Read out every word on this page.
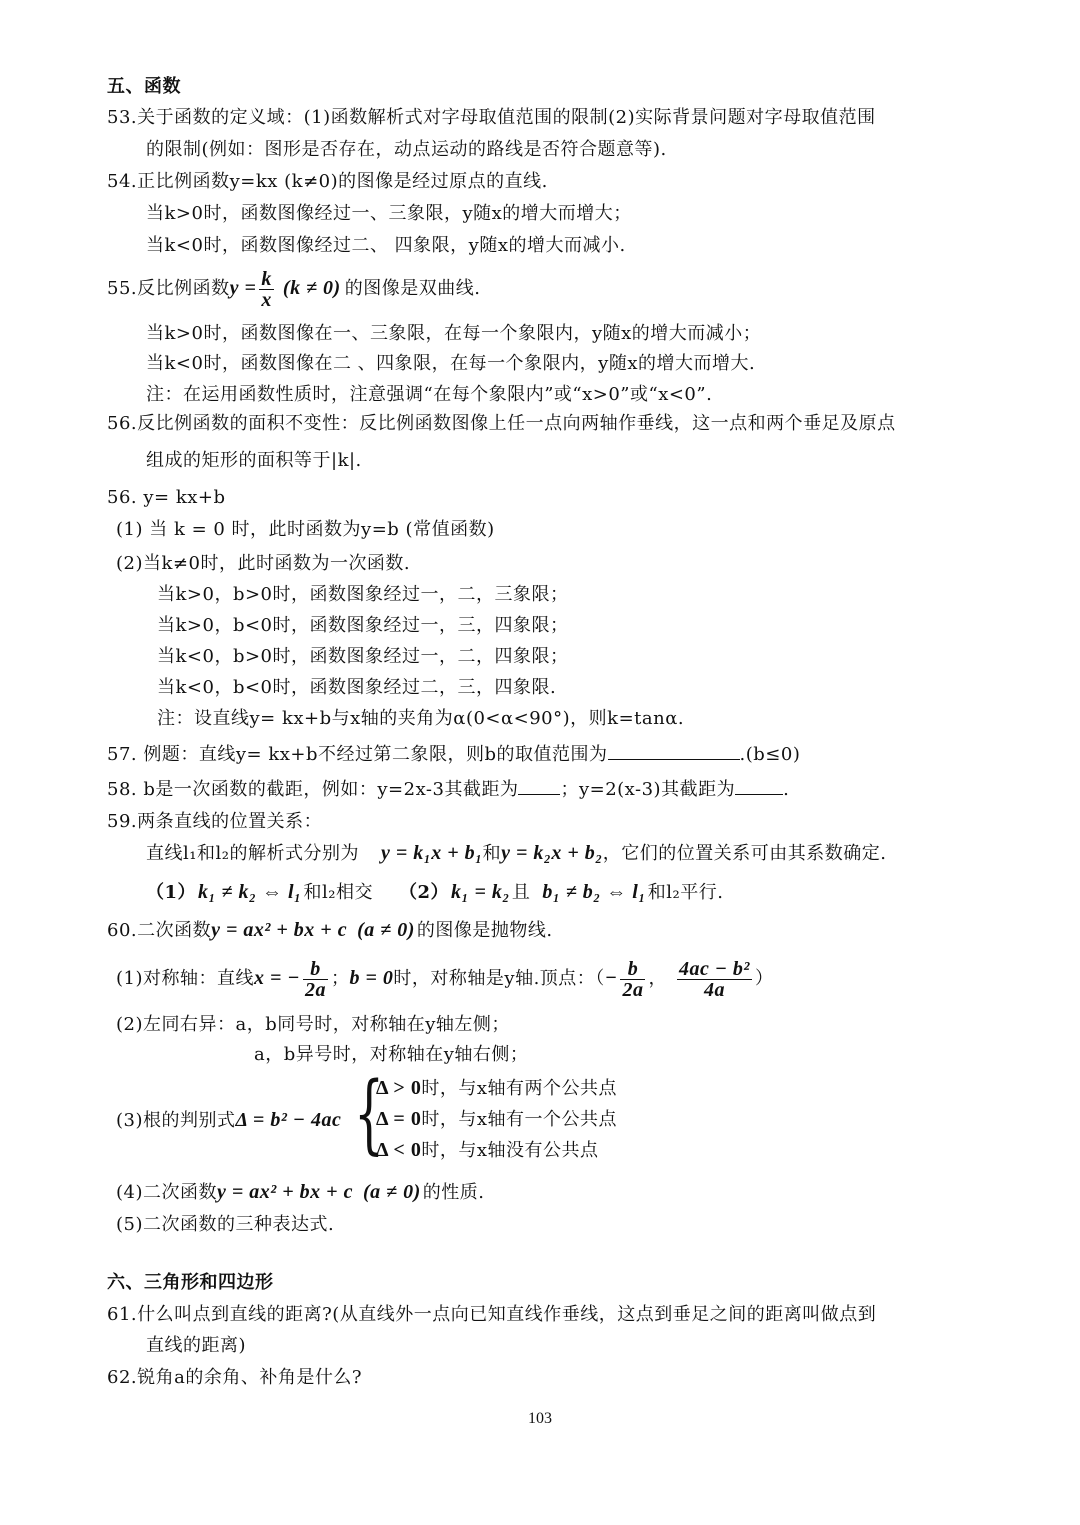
五、函数
53.关于函数的定义域：(1)函数解析式对字母取值范围的限制(2)实际背景问题对字母取值范围
的限制(例如：图形是否存在，动点运动的路线是否符合题意等).
54.正比例函数y=kx (k≠0)的图像是经过原点的直线.
当k>0时，函数图像经过一、三象限，y随x的增大而增大；
当k<0时，函数图像经过二、 四象限，y随x的增大而减小.
55.反比例函数$y = \frac{k}{x} (k \ne 0)$ 的图像是双曲线.
当k>0时，函数图像在一、三象限，在每一个象限内，y随x的增大而减小；
当k<0时，函数图像在二 、四象限，在每一个象限内，y随x的增大而增大.
注：在运用函数性质时，注意强调“在每个象限内”或“x>0”或“x<0”.
56.反比例函数的面积不变性：反比例函数图像上任一点向两轴作垂线，这一点和两个垂足及原点
组成的矩形的面积等于|k|.
56. y= kx+b
(1) 当 k = 0 时，此时函数为y=b (常值函数)
(2)当k≠0时，此时函数为一次函数.
当k>0，b>0时，函数图象经过一，二，三象限；
当k>0，b<0时，函数图象经过一，三，四象限；
当k<0，b>0时，函数图象经过一，二，四象限；
当k<0，b<0时，函数图象经过二，三，四象限.
注：设直线y= kx+b与x轴的夹角为α(0<α<90°)，则k=tanα.
57. 例题：直线y= kx+b不经过第二象限，则b的取值范围为	.(b≤0)
58. b是一次函数的截距，例如：y=2x-3其截距为 ；y=2(x-3)其截距为	.
59.两条直线的位置关系：
直线l₁和l₂的解析式分别为 y = k₁x + b₁和y = k₂x + b₂，它们的位置关系可由其系数确定.
（1） k₁ ≠ k₂ ⇔ l₁ 和l₂相交 （2） k₁ = k₂ 且 b₁ ≠ b₂ ⇔ l₁ 和l₂平行.
60.二次函数y = ax² + bx + c (a ≠ 0) 的图像是抛物线.
(1)对称轴：直线x = − $\frac{b}{2a}$ ；b = 0时，对称轴是y轴.顶点：（− $\frac{b}{2a}$ ， $\frac{\text{4ac − b²}}{4a}$ ）
(2)左同右异：a，b同号时，对称轴在y轴左侧；
a，b异号时，对称轴在y轴右侧；
(3)根的判别式Δ = b² − 4ac {
Δ > 0时，与x轴有两个公共点
Δ = 0时，与x轴有一个公共点
Δ < 0时，与x轴没有公共点
(4)二次函数y = ax² + bx + c (a ≠ 0) 的性质.
(5)二次函数的三种表达式.
六、三角形和四边形
61.什么叫点到直线的距离?(从直线外一点向已知直线作垂线，这点到垂足之间的距离叫做点到
直线的距离)
62.锐角a的余角、补角是什么?
103
